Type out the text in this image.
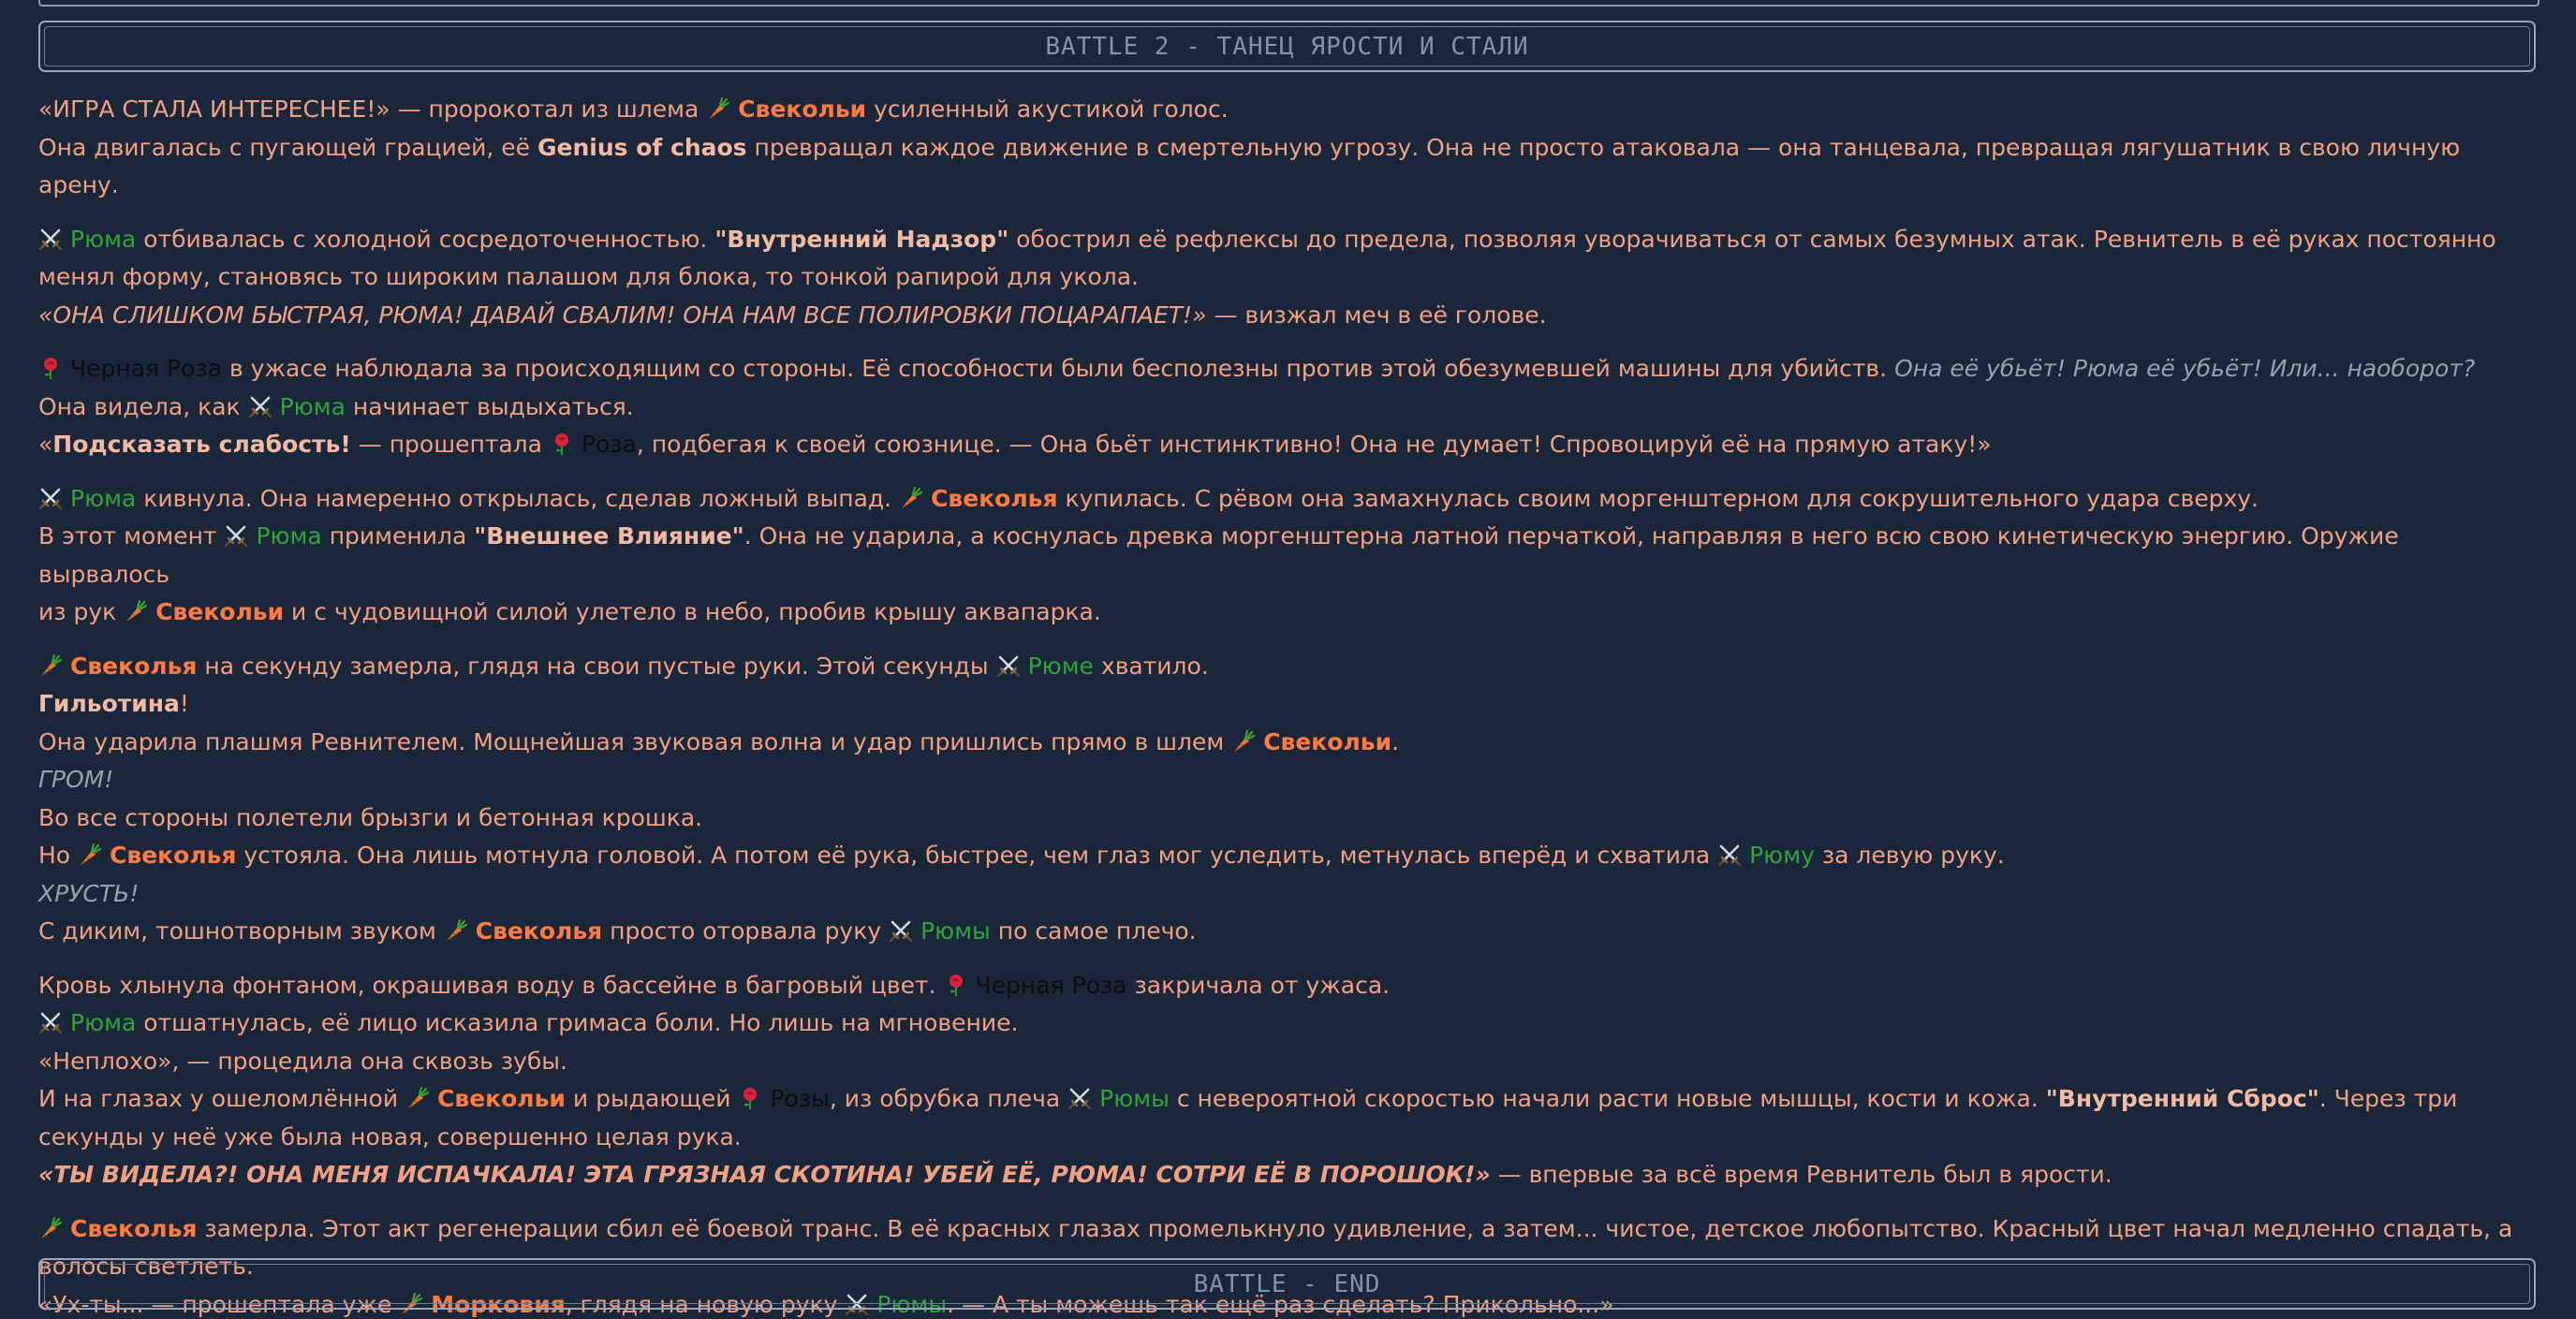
BATTLE 2 - ТАНЕЦ ЯРОСТИ И СТАЛИ
«ИГРА СТАЛА ИНТЕРЕСНЕЕ!» — пророкотал из шлема
Свекольи усиленный акустикой голос.
Она двигалась с пугающей грацией, её Genius of chaos превращал каждое движение в смертельную угрозу. Она не просто атаковала — она танцевала, превращая лягушатник в свою личную арену.
Рюма отбивалась с холодной сосредоточенностью. "Внутренний Надзор" обострил её рефлексы до предела, позволяя уворачиваться от самых безумных атак. Ревнитель в её руках постоянно
менял форму, становясь то широким палашом для блока, то тонкой рапирой для укола.
«ОНА СЛИШКОМ БЫСТРАЯ, РЮМА! ДАВАЙ СВАЛИМ! ОНА НАМ ВСЕ ПОЛИРОВКИ ПОЦАРАПАЕТ!» — визжал меч в её голове.
Черная Роза в ужасе наблюдала за происходящим со стороны. Её способности были бесполезны против этой обезумевшей машины для убийств. Она её убьёт! Рюма её убьёт! Или... наоборот?
Она видела, как
Рюма начинает выдыхаться.
«Подсказать слабость! — прошептала
Роза, подбегая к своей союзнице. — Она бьёт инстинктивно! Она не думает! Спровоцируй её на прямую атаку!»
Рюма кивнула. Она намеренно открылась, сделав ложный выпад.
Свеколья купилась. С рёвом она замахнулась своим моргенштерном для сокрушительного удара сверху.
В этот момент
Рюма применила "Внешнее Влияние". Она не ударила, а коснулась древка моргенштерна латной перчаткой, направляя в него всю свою кинетическую энергию. Оружие вырвалось
из рук
Свекольи и с чудовищной силой улетело в небо, пробив крышу аквапарка.
Свеколья на секунду замерла, глядя на свои пустые руки. Этой секунды
Рюме хватило.
Гильотина!
Она ударила плашмя Ревнителем. Мощнейшая звуковая волна и удар пришлись прямо в шлем
Свекольи.
ГРОМ!
Во все стороны полетели брызги и бетонная крошка.
Но
Свеколья устояла. Она лишь мотнула головой. А потом её рука, быстрее, чем глаз мог уследить, метнулась вперёд и схватила
Рюму за левую руку.
ХРУСТЬ!
С диким, тошнотворным звуком
Свеколья просто оторвала руку
Рюмы по самое плечо.
Кровь хлынула фонтаном, окрашивая воду в бассейне в багровый цвет.
Черная Роза закричала от ужаса.
Рюма отшатнулась, её лицо исказила гримаса боли. Но лишь на мгновение.
«Неплохо», — процедила она сквозь зубы.
И на глазах у ошеломлённой
Свекольи и рыдающей
Розы, из обрубка плеча
Рюмы с невероятной скоростью начали расти новые мышцы, кости и кожа. "Внутренний Сброс". Через три
секунды у неё уже была новая, совершенно целая рука.
«ТЫ ВИДЕЛА?! ОНА МЕНЯ ИСПАЧКАЛА! ЭТА ГРЯЗНАЯ СКОТИНА! УБЕЙ ЕЁ, РЮМА! СОТРИ ЕЁ В ПОРОШОК!» — впервые за всё время Ревнитель был в ярости.
Свеколья замерла. Этот акт регенерации сбил её боевой транс. В её красных глазах промелькнуло удивление, а затем... чистое, детское любопытство. Красный цвет начал медленно спадать, а
волосы светлеть.
«Ух-ты... — прошептала уже
Морковия, глядя на новую руку
Рюмы. — А ты можешь так ещё раз сделать? Прикольно...»
BATTLE - END
